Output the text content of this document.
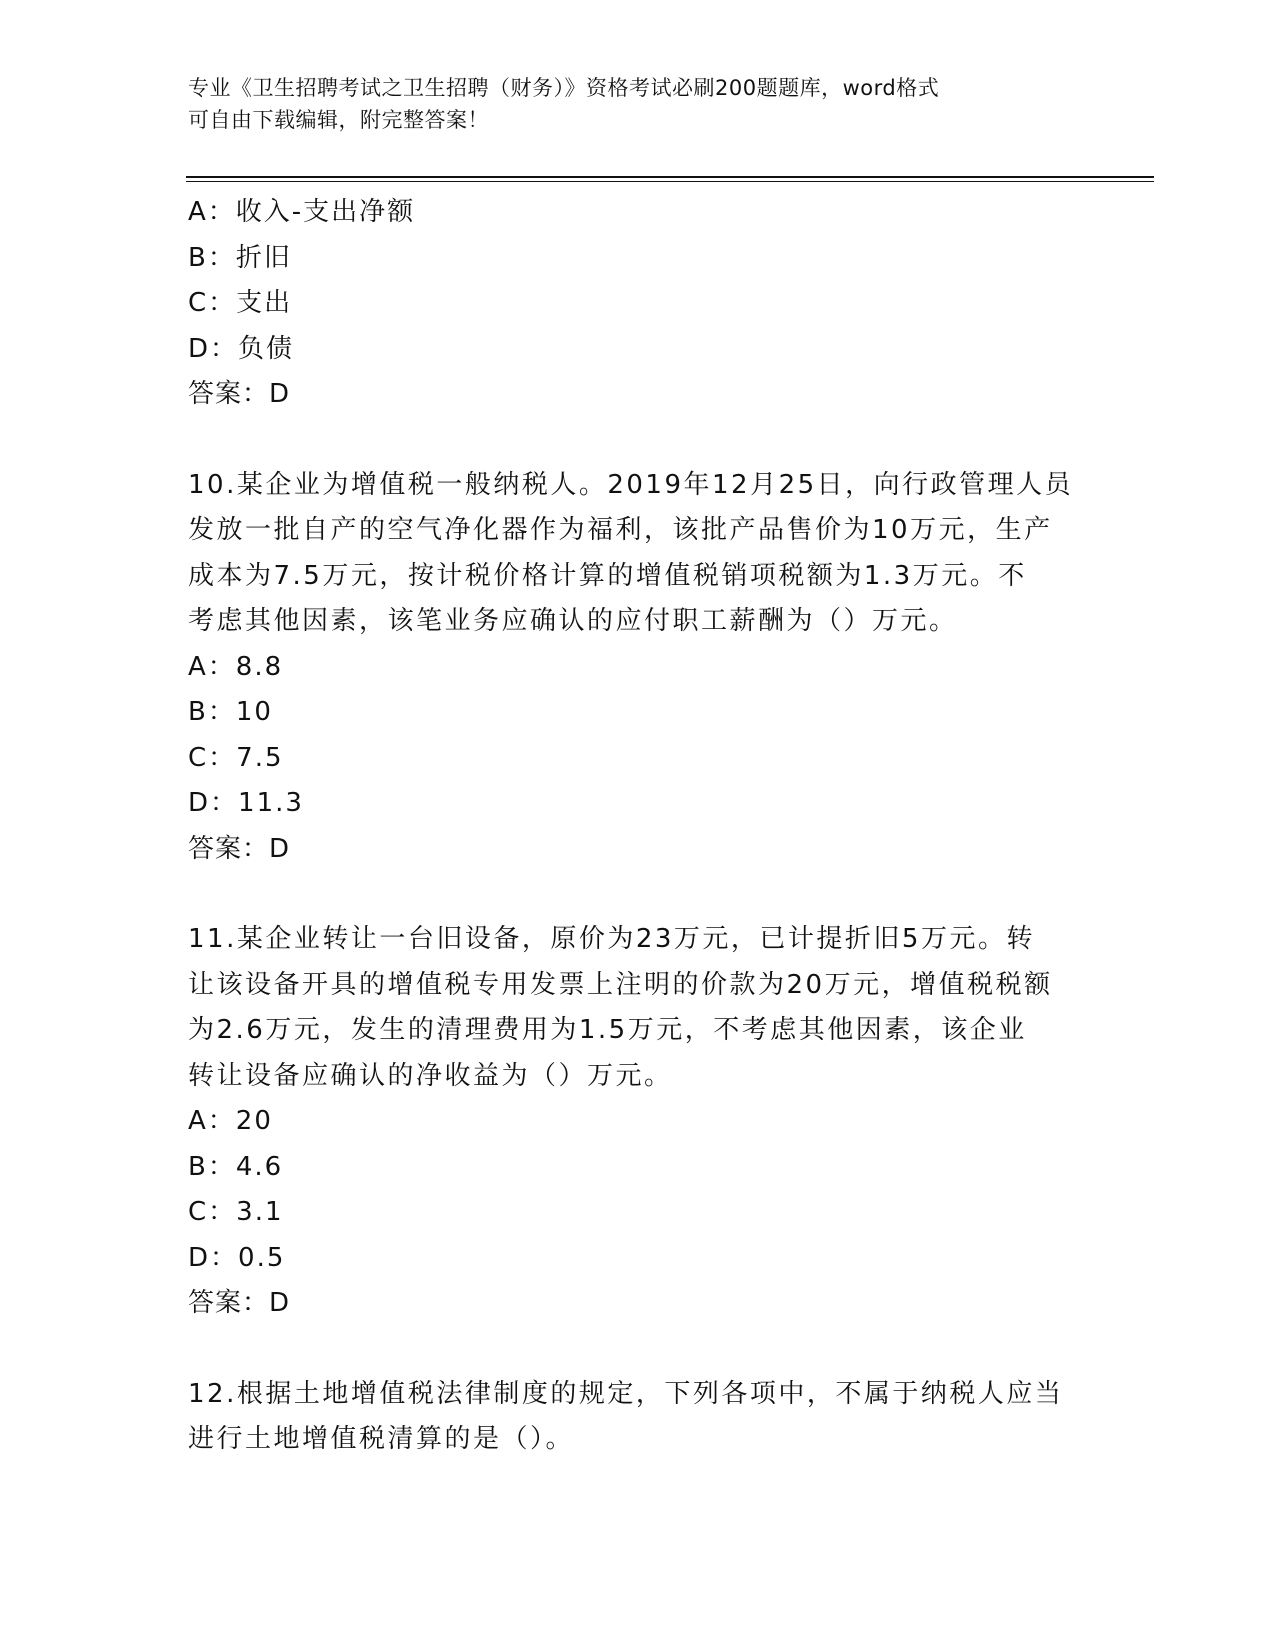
专业《卫生招聘考试之卫生招聘（财务）》资格考试必刷200题题库，word格式
可自由下载编辑，附完整答案！
A：收入-支出净额
B：折旧
C：支出
D：负债
答案：D
10.某企业为增值税一般纳税人。2019年12月25日，向行政管理人员
发放一批自产的空气净化器作为福利，该批产品售价为10万元，生产
成本为7.5万元，按计税价格计算的增值税销项税额为1.3万元。不
考虑其他因素，该笔业务应确认的应付职工薪酬为（）万元。
A：8.8
B：10
C：7.5
D：11.3
答案：D
11.某企业转让一台旧设备，原价为23万元，已计提折旧5万元。转
让该设备开具的增值税专用发票上注明的价款为20万元，增值税税额
为2.6万元，发生的清理费用为1.5万元，不考虑其他因素，该企业
转让设备应确认的净收益为（）万元。
A：20
B：4.6
C：3.1
D：0.5
答案：D
12.根据土地增值税法律制度的规定，下列各项中，不属于纳税人应当
进行土地增值税清算的是（）。
